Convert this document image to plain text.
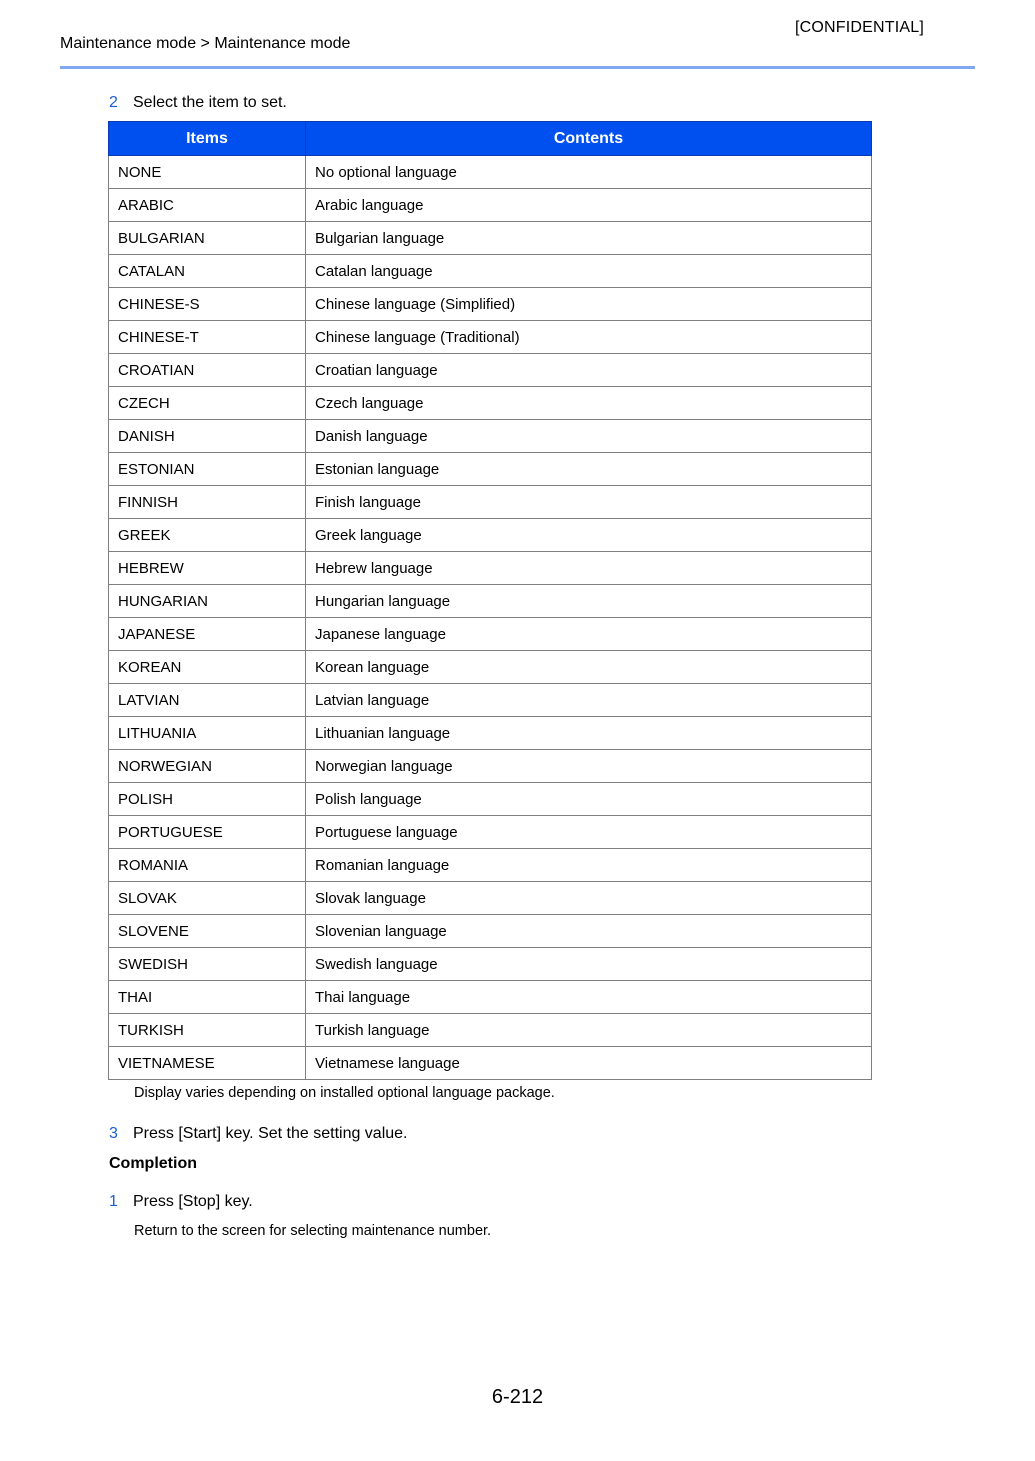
[CONFIDENTIAL]
Maintenance mode > Maintenance mode
2 Select the item to set.
Items	Contents
NONE	No optional language
ARABIC	Arabic language
BULGARIAN	Bulgarian language
CATALAN	Catalan language
CHINESE-S	Chinese language (Simplified)
CHINESE-T	Chinese language (Traditional)
CROATIAN	Croatian language
CZECH	Czech language
DANISH	Danish language
ESTONIAN	Estonian language
FINNISH	Finish language
GREEK	Greek language
HEBREW	Hebrew language
HUNGARIAN	Hungarian language
JAPANESE	Japanese language
KOREAN	Korean language
LATVIAN	Latvian language
LITHUANIA	Lithuanian language
NORWEGIAN	Norwegian language
POLISH	Polish language
PORTUGUESE	Portuguese language
ROMANIA	Romanian language
SLOVAK	Slovak language
SLOVENE	Slovenian language
SWEDISH	Swedish language
THAI	Thai language
TURKISH	Turkish language
VIETNAMESE	Vietnamese language
Display varies depending on installed optional language package.
3 Press [Start] key. Set the setting value.
Completion
1 Press [Stop] key.
Return to the screen for selecting maintenance number.
6-212
